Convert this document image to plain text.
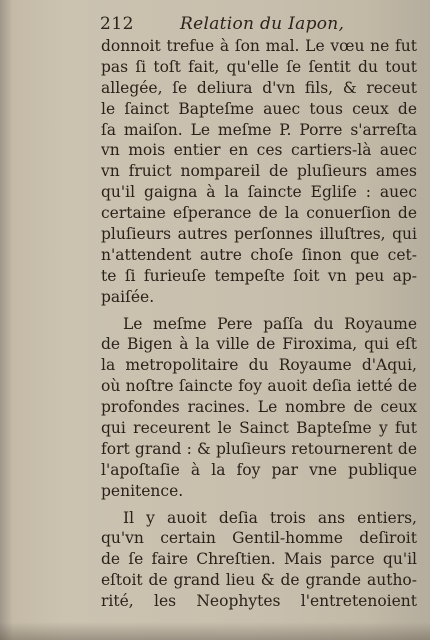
212	Relation du Iapon,
donnoit trefue à ſon mal. Le vœu ne fut
pas ſi toſt fait, qu'elle ſe ſentit du tout
allegée, ſe deliura d'vn fils, & receut
le ſainct Bapteſme auec tous ceux de
ſa maiſon. Le meſme P. Porre s'arreſta
vn mois entier en ces cartiers-là auec
vn fruict nompareil de pluſieurs ames
qu'il gaigna à la ſaincte Egliſe : auec
certaine eſperance de la conuerſion de
pluſieurs autres perſonnes illuſtres, qui
n'attendent autre choſe ſinon que cet-
te ſi furieuſe tempeſte ſoit vn peu ap-
paiſée.
Le meſme Pere paſſa du Royaume
de Bigen à la ville de Firoxima, qui eſt
la metropolitaire du Royaume d'Aqui,
où noſtre ſaincte foy auoit deſia ietté de
profondes racines. Le nombre de ceux
qui receurent le Sainct Bapteſme y fut
fort grand : & pluſieurs retournerent de
l'apoſtaſie à la foy par vne publique
penitence.
Il y auoit deſia trois ans entiers,
qu'vn certain Gentil-homme deſiroit
de ſe faire Chreſtien. Mais parce qu'il
eſtoit de grand lieu & de grande autho-
rité, les Neophytes l'entretenoient
